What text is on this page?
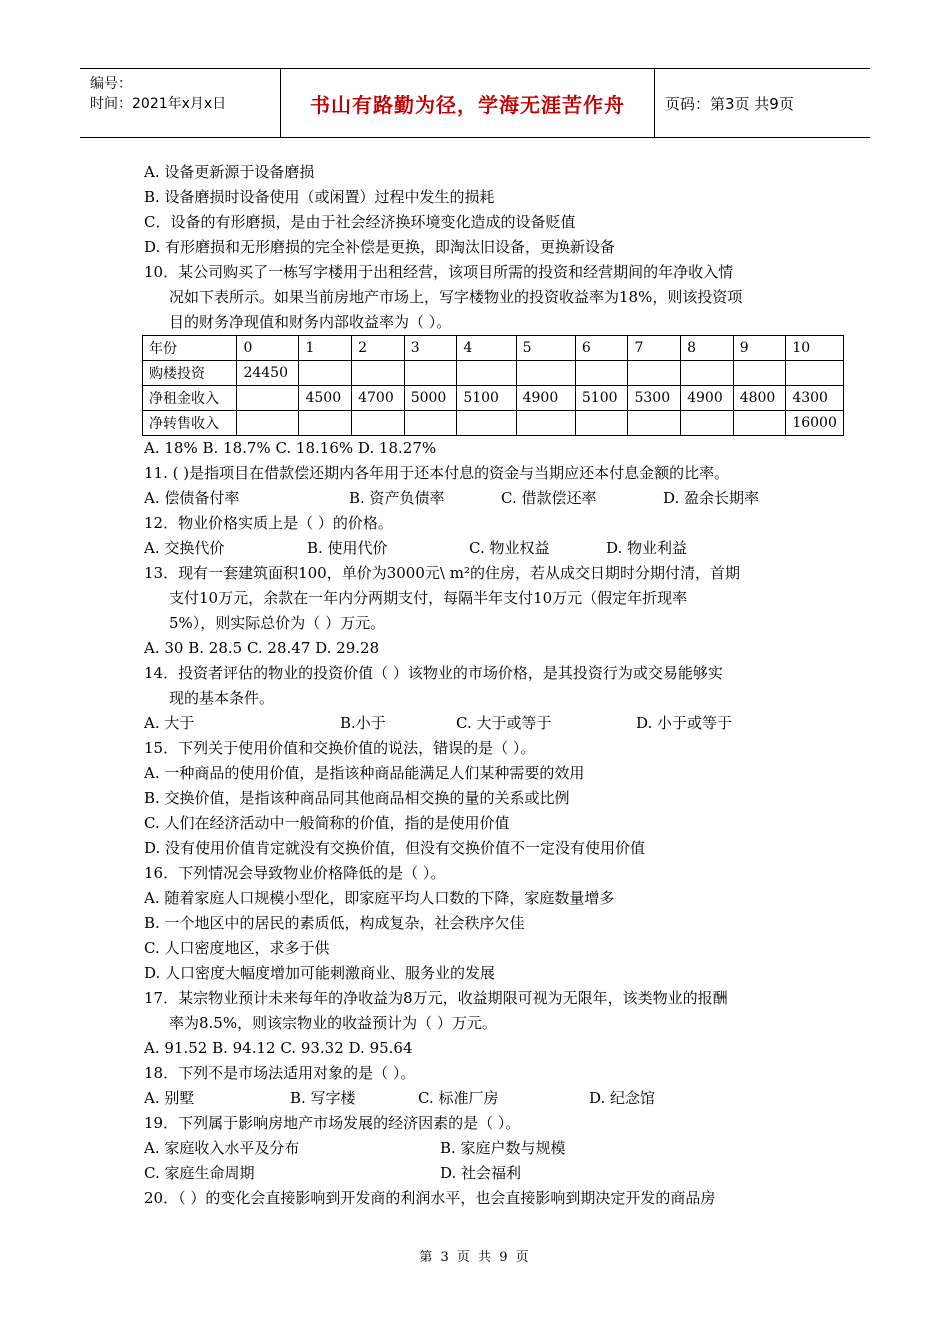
编号：
时间：2021年x月x日	书山有路勤为径，学海无涯苦作舟	页码：第3页 共9页
A. 设备更新源于设备磨损
B. 设备磨损时设备使用（或闲置）过程中发生的损耗
C．设备的有形磨损，是由于社会经济换环境变化造成的设备贬值
D. 有形磨损和无形磨损的完全补偿是更换，即淘汰旧设备，更换新设备
10．某公司购买了一栋写字楼用于出租经营，该项目所需的投资和经营期间的年净收入情
况如下表所示。如果当前房地产市场上，写字楼物业的投资收益率为18%，则该投资项
目的财务净现值和财务内部收益率为（ ）。
年份	0	1	2	3	4	5	6	7	8	9	10
购楼投资	24450										
净租金收入		4500	4700	5000	5100	4900	5100	5300	4900	4800	4300
净转售收入											16000
A. 18% B. 18.7% C. 18.16% D. 18.27%
11. ( )是指项目在借款偿还期内各年用于还本付息的资金与当期应还本付息金额的比率。
A. 偿债备付率	B. 资产负债率	C. 借款偿还率	D. 盈余长期率
12．物业价格实质上是（ ）的价格。
A. 交换代价	B. 使用代价	C. 物业权益	D. 物业利益
13．现有一套建筑面积100，单价为3000元\ m²的住房，若从成交日期时分期付清，首期
支付10万元，余款在一年内分两期支付，每隔半年支付10万元（假定年折现率
5%），则实际总价为（ ）万元。
A. 30 B. 28.5 C. 28.47 D. 29.28
14．投资者评估的物业的投资价值（ ）该物业的市场价格，是其投资行为或交易能够实
现的基本条件。
A. 大于	B.小于	C. 大于或等于	D. 小于或等于
15．下列关于使用价值和交换价值的说法，错误的是（ ）。
A. 一种商品的使用价值，是指该种商品能满足人们某种需要的效用
B. 交换价值，是指该种商品同其他商品相交换的量的关系或比例
C. 人们在经济活动中一般简称的价值，指的是使用价值
D. 没有使用价值肯定就没有交换价值，但没有交换价值不一定没有使用价值
16．下列情况会导致物业价格降低的是（ ）。
A. 随着家庭人口规模小型化，即家庭平均人口数的下降，家庭数量增多
B. 一个地区中的居民的素质低，构成复杂，社会秩序欠佳
C. 人口密度地区，求多于供
D. 人口密度大幅度增加可能刺激商业、服务业的发展
17．某宗物业预计未来每年的净收益为8万元，收益期限可视为无限年，该类物业的报酬
率为8.5%，则该宗物业的收益预计为（ ）万元。
A. 91.52 B. 94.12 C. 93.32 D. 95.64
18．下列不是市场法适用对象的是（ ）。
A. 别墅	B. 写字楼	C. 标准厂房	D. 纪念馆
19．下列属于影响房地产市场发展的经济因素的是（ ）。
A. 家庭收入水平及分布	B. 家庭户数与规模
C. 家庭生命周期	D. 社会福利
20．（ ）的变化会直接影响到开发商的利润水平，也会直接影响到期决定开发的商品房
第 3 页 共 9 页
